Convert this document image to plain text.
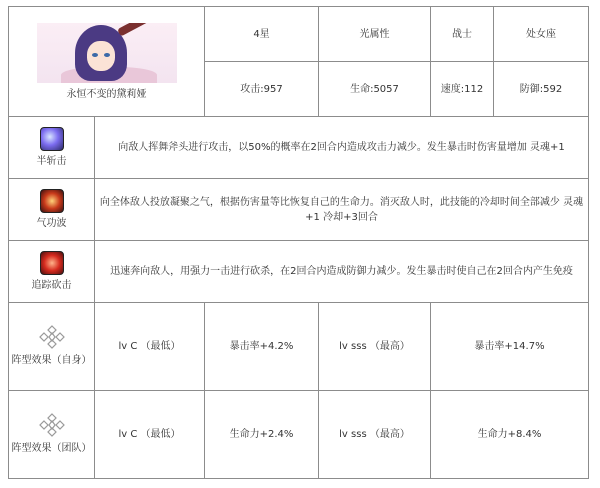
永恒不变的黛莉娅		4星	光属性	战士	处女座
		攻击:957	生命:5057	速度:112	防御:592

半斩击	向敌人挥舞斧头进行攻击，以50%的概率在2回合内造成攻击力减少。发生暴击时伤害量增加 灵魂+1				

气功波	向全体敌人投放凝聚之气，根据伤害量等比恢复自己的生命力。消灭敌人时，此技能的冷却时间全部减少 灵魂+1 冷却+3回合				

追踪砍击	迅速奔向敌人，用强力一击进行砍杀，在2回合内造成防御力减少。发生暴击时使自己在2回合内产生免疫				

阵型效果（自身）	lv C （最低）	暴击率+4.2%	lv sss （最高）	暴击率+14.7%	

阵型效果（团队）	lv C （最低）	生命力+2.4%	lv sss （最高）	生命力+8.4%	
